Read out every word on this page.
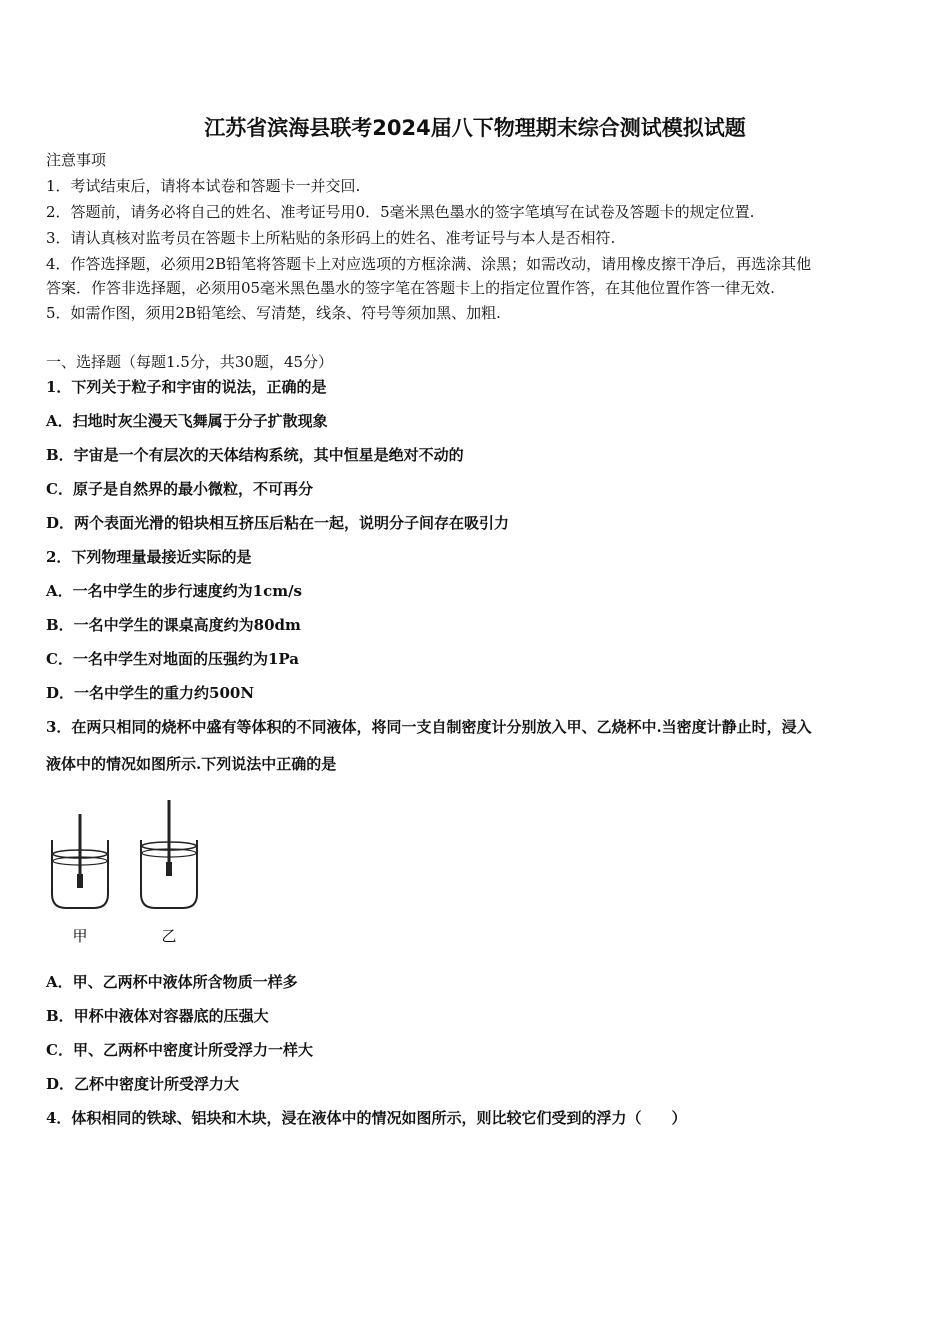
江苏省滨海县联考2024届八下物理期末综合测试模拟试题
注意事项
1．考试结束后，请将本试卷和答题卡一并交回.
2．答题前，请务必将自己的姓名、准考证号用0．5毫米黑色墨水的签字笔填写在试卷及答题卡的规定位置.
3．请认真核对监考员在答题卡上所粘贴的条形码上的姓名、准考证号与本人是否相符.
4．作答选择题，必须用2B铅笔将答题卡上对应选项的方框涂满、涂黑；如需改动，请用橡皮擦干净后，再选涂其他
答案．作答非选择题，必须用05毫米黑色墨水的签字笔在答题卡上的指定位置作答，在其他位置作答一律无效.
5．如需作图，须用2B铅笔绘、写清楚，线条、符号等须加黑、加粗.
一、选择题（每题1.5分，共30题，45分）
1．下列关于粒子和宇宙的说法，正确的是
A．扫地时灰尘漫天飞舞属于分子扩散现象
B．宇宙是一个有层次的天体结构系统，其中恒星是绝对不动的
C．原子是自然界的最小微粒，不可再分
D．两个表面光滑的铅块相互挤压后粘在一起，说明分子间存在吸引力
2．下列物理量最接近实际的是
A．一名中学生的步行速度约为1cm/s
B．一名中学生的课桌高度约为80dm
C．一名中学生对地面的压强约为1Pa
D．一名中学生的重力约500N
3．在两只相同的烧杯中盛有等体积的不同液体，将同一支自制密度计分别放入甲、乙烧杯中.当密度计静止时，浸入
液体中的情况如图所示.下列说法中正确的是
甲	乙
A．甲、乙两杯中液体所含物质一样多
B．甲杯中液体对容器底的压强大
C．甲、乙两杯中密度计所受浮力一样大
D．乙杯中密度计所受浮力大
4．体积相同的铁球、铝块和木块，浸在液体中的情况如图所示，则比较它们受到的浮力（　　）
